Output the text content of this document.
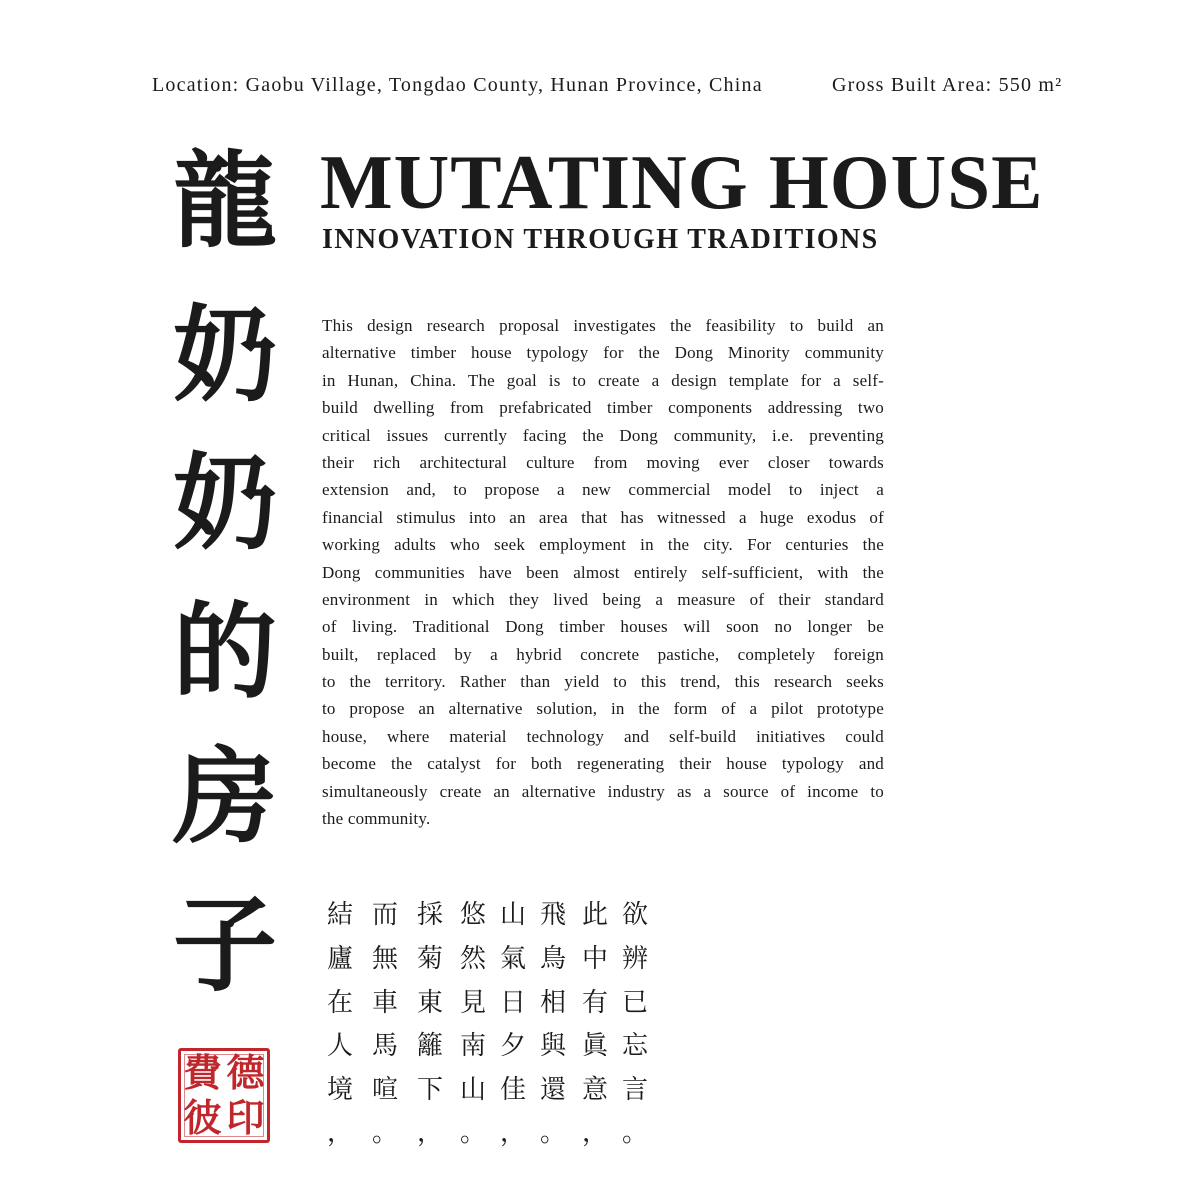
Location: Gaobu Village, Tongdao County, Hunan Province, China	Gross Built Area: 550 m²
龍
奶
奶
的
房
子
MUTATING HOUSE
INNOVATION THROUGH TRADITIONS
This design research proposal investigates the feasibility to build an
alternative timber house typology for the Dong Minority community
in Hunan, China. The goal is to create a design template for a self-
build dwelling from prefabricated timber components addressing two
critical issues currently facing the Dong community, i.e. preventing
their rich architectural culture from moving ever closer towards
extension and, to propose a new commercial model to inject a
financial stimulus into an area that has witnessed a huge exodus of
working adults who seek employment in the city. For centuries the
Dong communities have been almost entirely self-sufficient, with the
environment in which they lived being a measure of their standard
of living. Traditional Dong timber houses will soon no longer be
built, replaced by a hybrid concrete pastiche, completely foreign
to the territory. Rather than yield to this trend, this research seeks
to propose an alternative solution, in the form of a pilot prototype
house, where material technology and self-build initiatives could
become the catalyst for both regenerating their house typology and
simultaneously create an alternative industry as a source of income to
the community.
結
廬
在
人
境
，
而
無
車
馬
喧
。
採
菊
東
籬
下
，
悠
然
見
南
山
。
山
氣
日
夕
佳
，
飛
鳥
相
與
還
。
此
中
有
眞
意
，
欲
辨
已
忘
言
。
費 德
彼 印
